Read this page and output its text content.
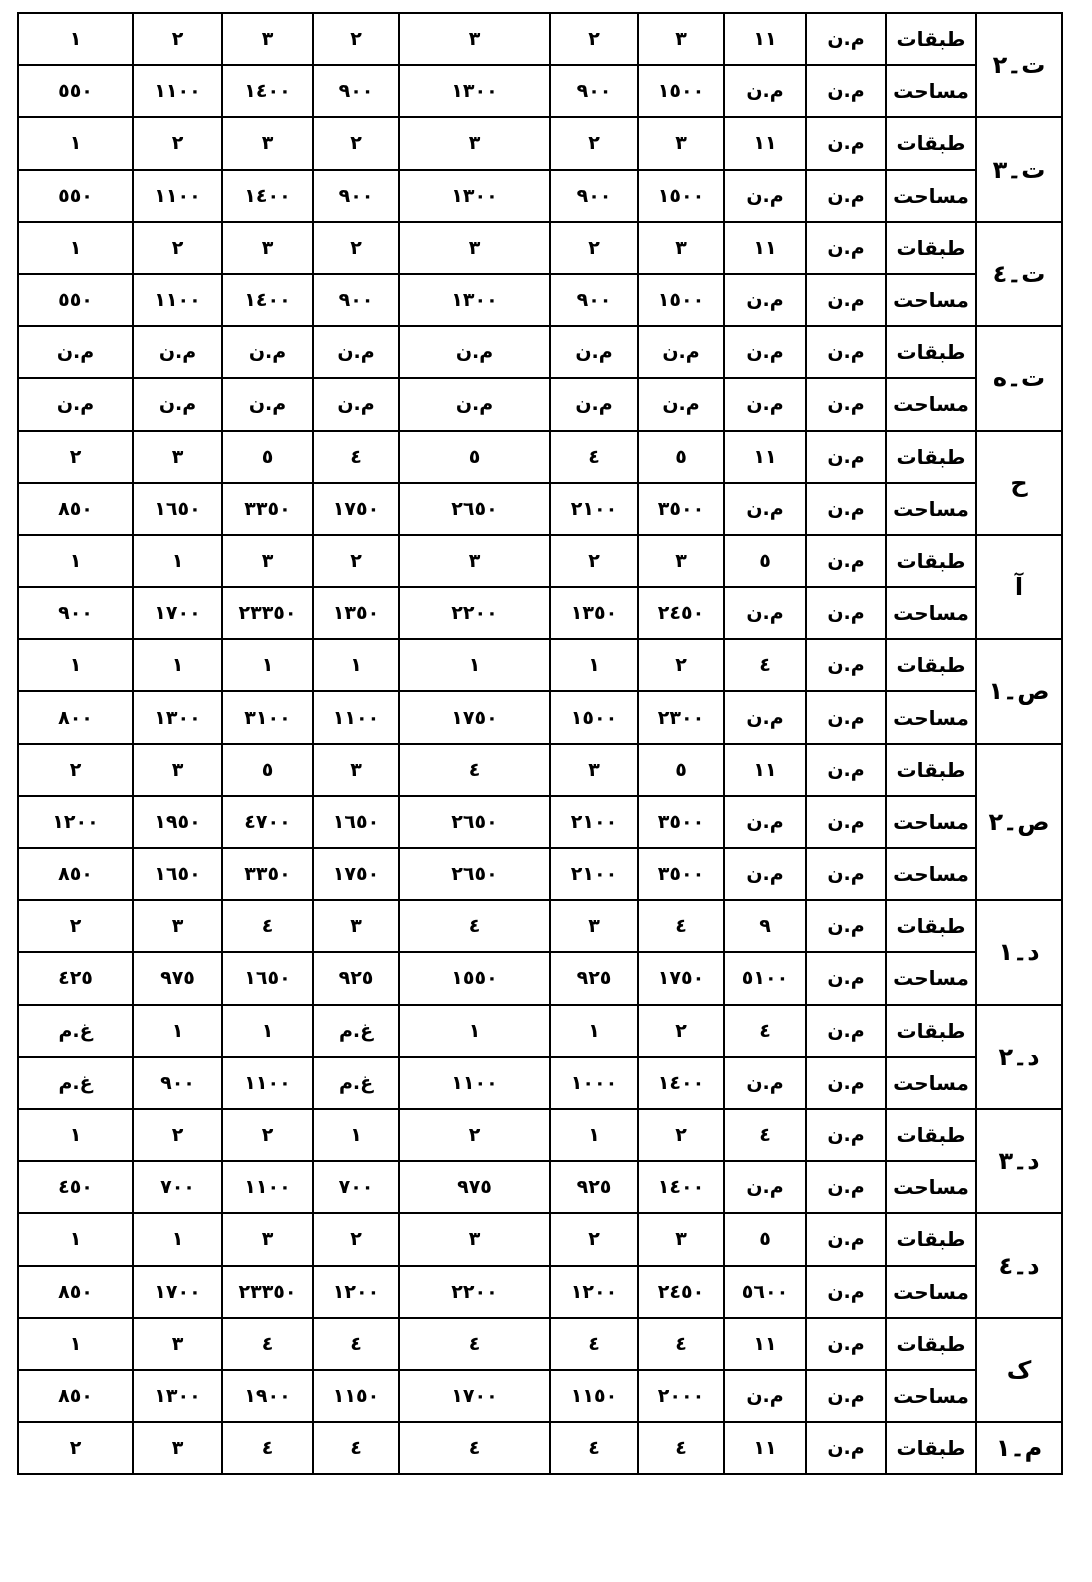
ت۔٢	طبقات	م.ن	١١	٣	٢	٣	٢	٣	٢	١
	مساحت	م.ن	م.ن	١٥٠٠	٩٠٠	١٣٠٠	٩٠٠	١٤٠٠	١١٠٠	٥٥٠
ت۔٣	طبقات	م.ن	١١	٣	٢	٣	٢	٣	٢	١
	مساحت	م.ن	م.ن	١٥٠٠	٩٠٠	١٣٠٠	٩٠٠	١٤٠٠	١١٠٠	٥٥٠
ت۔٤	طبقات	م.ن	١١	٣	٢	٣	٢	٣	٢	١
	مساحت	م.ن	م.ن	١٥٠٠	٩٠٠	١٣٠٠	٩٠٠	١٤٠٠	١١٠٠	٥٥٠
ت۔ه	طبقات	م.ن	م.ن	م.ن	م.ن	م.ن	م.ن	م.ن	م.ن	م.ن
	مساحت	م.ن	م.ن	م.ن	م.ن	م.ن	م.ن	م.ن	م.ن	م.ن
ح	طبقات	م.ن	١١	٥	٤	٥	٤	٥	٣	٢
	مساحت	م.ن	م.ن	٣٥٠٠	٢١٠٠	٢٦٥٠	١٧٥٠	٣٣٥٠	١٦٥٠	٨٥٠
آ	طبقات	م.ن	٥	٣	٢	٣	٢	٣	١	١
	مساحت	م.ن	م.ن	٢٤٥٠	١٣٥٠	٢٢٠٠	١٣٥٠	٢٣٣٥٠	١٧٠٠	٩٠٠
ص۔١	طبقات	م.ن	٤	٢	١	١	١	١	١	١
	مساحت	م.ن	م.ن	٢٣٠٠	١٥٠٠	١٧٥٠	١١٠٠	٣١٠٠	١٣٠٠	٨٠٠
ص۔٢	طبقات	م.ن	١١	٥	٣	٤	٣	٥	٣	٢
	مساحت	م.ن	م.ن	٣٥٠٠	٢١٠٠	٢٦٥٠	١٦٥٠	٤٧٠٠	١٩٥٠	١٢٠٠
	مساحت	م.ن	م.ن	٣٥٠٠	٢١٠٠	٢٦٥٠	١٧٥٠	٣٣٥٠	١٦٥٠	٨٥٠
د۔١	طبقات	م.ن	٩	٤	٣	٤	٣	٤	٣	٢
	مساحت	م.ن	٥١٠٠	١٧٥٠	٩٢٥	١٥٥٠	٩٢٥	١٦٥٠	٩٧٥	٤٢٥
د۔٢	طبقات	م.ن	٤	٢	١	١	غ.م	١	١	غ.م
	مساحت	م.ن	م.ن	١٤٠٠	١٠٠٠	١١٠٠	غ.م	١١٠٠	٩٠٠	غ.م
د۔٣	طبقات	م.ن	٤	٢	١	٢	١	٢	٢	١
	مساحت	م.ن	م.ن	١٤٠٠	٩٢٥	٩٧٥	٧٠٠	١١٠٠	٧٠٠	٤٥٠
د۔٤	طبقات	م.ن	٥	٣	٢	٣	٢	٣	١	١
	مساحت	م.ن	٥٦٠٠	٢٤٥٠	١٢٠٠	٢٢٠٠	١٢٠٠	٢٣٣٥٠	١٧٠٠	٨٥٠
ک	طبقات	م.ن	١١	٤	٤	٤	٤	٤	٣	١
	مساحت	م.ن	م.ن	٢٠٠٠	١١٥٠	١٧٠٠	١١٥٠	١٩٠٠	١٣٠٠	٨٥٠
م۔١	طبقات	م.ن	١١	٤	٤	٤	٤	٤	٣	٢
